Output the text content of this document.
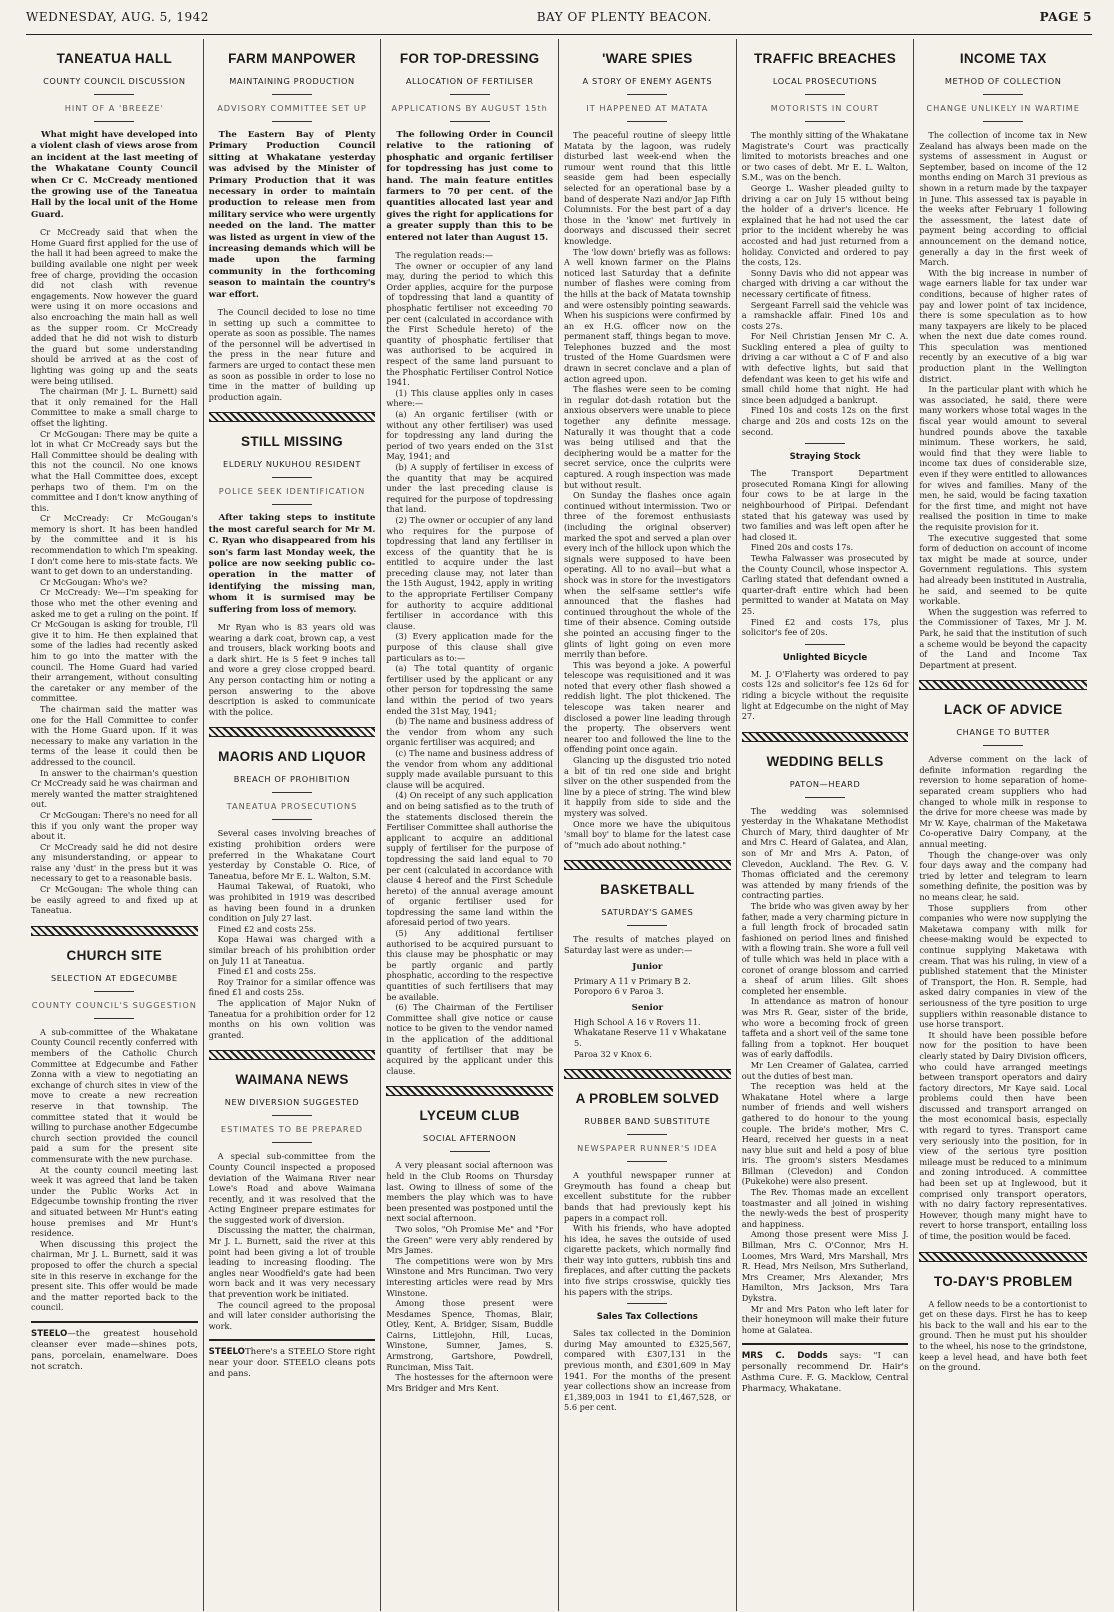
WEDNESDAY, AUG. 5, 1942	BAY OF PLENTY BEACON.	PAGE 5
TANEATUA HALL
COUNTY COUNCIL DISCUSSION
HINT OF A 'BREEZE'

What might have developed into a violent clash of views arose from an incident at the last meeting of the Whakatane County Council when Cr C. McCready mentioned the growing use of the Taneatua Hall by the local unit of the Home Guard.

Cr McCready said that when the Home Guard first applied for the use of the hall it had been agreed to make the building available one night per week free of charge, providing the occasion did not clash with revenue engagements. Now however the guard were using it on more occasions and also encroaching the main hall as well as the supper room. Cr McCready added that he did not wish to disturb the guard but some understanding should be arrived at as the cost of lighting was going up and the seats were being utilised.

The chairman (Mr J. L. Burnett) said that it only remained for the Hall Committee to make a small charge to offset the lighting.

Cr McGougan: There may be quite a lot in what Cr McCready says but the Hall Committee should be dealing with this not the council. No one knows what the Hall Committee does, except perhaps two of them. I'm on the committee and I don't know anything of this.

Cr McCready: Cr McGougan's memory is short. It has been handled by the committee and it is his recommendation to which I'm speaking. I don't come here to mis-state facts. We want to get down to an understanding.

Cr McGougan: Who's we?

Cr McCready: We—I'm speaking for those who met the other evening and asked me to get a ruling on the point. If Cr McGougan is asking for trouble, I'll give it to him. He then explained that some of the ladies had recently asked him to go into the matter with the council. The Home Guard had varied their arrangement, without consulting the caretaker or any member of the committee.

The chairman said the matter was one for the Hall Committee to confer with the Home Guard upon. If it was necessary to make any variation in the terms of the lease it could then be addressed to the council.

In answer to the chairman's question Cr McCready said he was chairman and merely wanted the matter straightened out.

Cr McGougan: There's no need for all this if you only want the proper way about it.

Cr McCready said he did not desire any misunderstanding, or appear to raise any 'dust' in the press but it was necessary to get to a reasonable basis.

Cr McGougan: The whole thing can be easily agreed to and fixed up at Taneatua.

CHURCH SITE
SELECTION AT EDGECUMBE
COUNTY COUNCIL'S SUGGESTION

A sub-committee of the Whakatane County Council recently conferred with members of the Catholic Church Committee at Edgecumbe and Father Zonna with a view to negotiating an exchange of church sites in view of the move to create a new recreation reserve in that township. The committee stated that it would be willing to purchase another Edgecumbe church section provided the council paid a sum for the present site commensurate with the new purchase.

At the county council meeting last week it was agreed that land be taken under the Public Works Act in Edgecumbe township fronting the river and situated between Mr Hunt's eating house premises and Mr Hunt's residence.

When discussing this project the chairman, Mr J. L. Burnett, said it was proposed to offer the church a special site in this reserve in exchange for the present site. This offer would be made and the matter reported back to the council.

STEELO—the greatest household cleanser ever made—shines pots, pans, porcelain, enamelware. Does not scratch.
FARM MANPOWER
MAINTAINING PRODUCTION
ADVISORY COMMITTEE SET UP

The Eastern Bay of Plenty Primary Production Council sitting at Whakatane yesterday was advised by the Minister of Primary Production that it was necessary in order to maintain production to release men from military service who were urgently needed on the land. The matter was listed as urgent in view of the increasing demands which will be made upon the farming community in the forthcoming season to maintain the country's war effort.

The Council decided to lose no time in setting up such a committee to operate as soon as possible. The names of the personnel will be advertised in the press in the near future and farmers are urged to contact these men as soon as possible in order to lose no time in the matter of building up production again.

STILL MISSING
ELDERLY NUKUHOU RESIDENT
POLICE SEEK IDENTIFICATION

After taking steps to institute the most careful search for Mr M. C. Ryan who disappeared from his son's farm last Monday week, the police are now seeking public co-operation in the matter of identifying the missing man, whom it is surmised may be suffering from loss of memory.

Mr Ryan who is 83 years old was wearing a dark coat, brown cap, a vest and trousers, black working boots and a dark shirt. He is 5 feet 9 inches tall and wore a grey close cropped beard. Any person contacting him or noting a person answering to the above description is asked to communicate with the police.

MAORIS AND LIQUOR
BREACH OF PROHIBITION
TANEATUA PROSECUTIONS

Several cases involving breaches of existing prohibition orders were preferred in the Whakatane Court yesterday by Constable O. Rice, of Taneatua, before Mr E. L. Walton, S.M.

Haumai Takewai, of Ruatoki, who was prohibited in 1919 was described as having been found in a drunken condition on July 27 last.

Fined £2 and costs 25s.

Kopa Hawai was charged with a similar breach of his prohibition order on July 11 at Taneatua.

Fined £1 and costs 25s.

Roy Trainor for a similar offence was fined £1 and costs 25s.

The application of Major Nukn of Taneatua for a prohibition order for 12 months on his own volition was granted.

WAIMANA NEWS
NEW DIVERSION SUGGESTED
ESTIMATES TO BE PREPARED

A special sub-committee from the County Council inspected a proposed deviation of the Waimana River near Lowe's Road and above Waimana recently, and it was resolved that the Acting Engineer prepare estimates for the suggested work of diversion.

Discussing the matter, the chairman, Mr J. L. Burnett, said the river at this point had been giving a lot of trouble leading to increasing flooding. The angles near Woodfield's gate had been worn back and it was very necessary that prevention work be initiated.

The council agreed to the proposal and will later consider authorising the work.

STEELOThere's a STEELO Store right near your door. STEELO cleans pots and pans.
FOR TOP-DRESSING
ALLOCATION OF FERTILISER
APPLICATIONS BY AUGUST 15th

The following Order in Council relative to the rationing of phosphatic and organic fertiliser for topdressing has just come to hand. The main feature entitles farmers to 70 per cent. of the quantities allocated last year and gives the right for applications for a greater supply than this to be entered not later than August 15.

The regulation reads:—

The owner or occupier of any land may, during the period to which this Order applies, acquire for the purpose of topdressing that land a quantity of phosphatic fertiliser not exceeding 70 per cent (calculated in accordance with the First Schedule hereto) of the quantity of phosphatic fertiliser that was authorised to be acquired in respect of the same land pursuant to the Phosphatic Fertiliser Control Notice 1941.

(1) This clause applies only in cases where:—

(a) An organic fertiliser (with or without any other fertiliser) was used for topdressing any land during the period of two years ended on the 31st May, 1941; and

(b) A supply of fertiliser in excess of the quantity that may be acquired under the last preceding clause is required for the purpose of topdressing that land.

(2) The owner or occupier of any land who requires for the purpose of topdressing that land any fertiliser in excess of the quantity that he is entitled to acquire under the last preceding clause may, not later than the 15th August, 1942, apply in writing to the appropriate Fertiliser Company for authority to acquire additional fertiliser in accordance with this clause.

(3) Every application made for the purpose of this clause shall give particulars as to:—

(a) The total quantity of organic fertiliser used by the applicant or any other person for topdressing the same land within the period of two years ended the 31st May, 1941;

(b) The name and business address of the vendor from whom any such organic fertiliser was acquired; and

(c) The name and business address of the vendor from whom any additional supply made available pursuant to this clause will be acquired.

(4) On receipt of any such application and on being satisfied as to the truth of the statements disclosed therein the Fertiliser Committee shall authorise the applicant to acquire an additional supply of fertiliser for the purpose of topdressing the said land equal to 70 per cent (calculated in accordance with clause 4 hereof and the First Schedule hereto) of the annual average amount of organic fertiliser used for topdressing the same land within the aforesaid period of two years.

(5) Any additional fertiliser authorised to be acquired pursuant to this clause may be phosphatic or may be partly organic and partly phosphatic, according to the respective quantities of such fertilisers that may be available.

(6) The Chairman of the Fertiliser Committee shall give notice or cause notice to be given to the vendor named in the application of the additional quantity of fertiliser that may be acquired by the applicant under this clause.

LYCEUM CLUB
SOCIAL AFTERNOON

A very pleasant social afternoon was held in the Club Rooms on Thursday last. Owing to illness of some of the members the play which was to have been presented was postponed until the next social afternoon.

Two solos, "Oh Promise Me" and "For the Green" were very ably rendered by Mrs James.

The competitions were won by Mrs Winstone and Mrs Runciman. Two very interesting articles were read by Mrs Winstone.

Among those present were Mesdames Spence, Thomas, Blair, Otley, Kent, A. Bridger, Sisam, Buddle Cairns, Littlejohn, Hill, Lucas, Winstone, Sumner, James, S. Armstrong, Gartshore, Powdrell, Runciman, Miss Tait.

The hostesses for the afternoon were Mrs Bridger and Mrs Kent.

'WARE SPIES
A STORY OF ENEMY AGENTS
IT HAPPENED AT MATATA

The peaceful routine of sleepy little Matata by the lagoon, was rudely disturbed last week-end when the rumour went round that this little seaside gem had been especially selected for an operational base by a band of desperate Nazi and/or Jap Fifth Columnists. For the best part of a day those in the 'know' met furtively in doorways and discussed their secret knowledge.

The 'low down' briefly was as follows: A well known farmer on the Plains noticed last Saturday that a definite number of flashes were coming from the hills at the back of Matata township and were ostensibly pointing seawards. When his suspicions were confirmed by an ex H.G. officer now on the permanent staff, things began to move. Telephones buzzed and the most trusted of the Home Guardsmen were drawn in secret conclave and a plan of action agreed upon.

The flashes were seen to be coming in regular dot-dash rotation but the anxious observers were unable to piece together any definite message. Naturally it was thought that a code was being utilised and that the deciphering would be a matter for the secret service, once the culprits were captured. A rough inspection was made but without result.

On Sunday the flashes once again continued without intermission. Two or three of the foremost enthusiasts (including the original observer) marked the spot and served a plan over every inch of the hillock upon which the signals were supposed to have been operating. All to no avail—but what a shock was in store for the investigators when the self-same settler's wife announced that the flashes had continued throughout the whole of the time of their absence. Coming outside she pointed an accusing finger to the glints of light going on even more merrily than before.

This was beyond a joke. A powerful telescope was requisitioned and it was noted that every other flash showed a reddish light. The plot thickened. The telescope was taken nearer and disclosed a power line leading through the property. The observers went nearer too and followed the line to the offending point once again.

Glancing up the disgusted trio noted a bit of tin red one side and bright silver on the other suspended from the line by a piece of string. The wind blew it happily from side to side and the mystery was solved.

Once more we have the ubiquitous 'small boy' to blame for the latest case of "much ado about nothing."

BASKETBALL
SATURDAY'S GAMES

The results of matches played on Saturday last were as under:—

Junior

Primary A 11 v Primary B 2.

Poroporo 6 v Paroa 3.

Senior

High School A 16 v Rovers 11.

Whakatane Reserve 11 v Whakatane 5.

Paroa 32 v Knox 6.

A PROBLEM SOLVED
RUBBER BAND SUBSTITUTE
NEWSPAPER RUNNER'S IDEA

A youthful newspaper runner at Greymouth has found a cheap but excellent substitute for the rubber bands that had previously kept his papers in a compact roll.

With his friends, who have adopted his idea, he saves the outside of used cigarette packets, which normally find their way into gutters, rubbish tins and fireplaces, and after cutting the packets into five strips crosswise, quickly ties his papers with the strips.

Sales Tax Collections

Sales tax collected in the Dominion during May amounted to £325,567, compared with £307,131 in the previous month, and £301,609 in May 1941. For the months of the present year collections show an increase from £1,389,003 in 1941 to £1,467,528, or 5.6 per cent.

TRAFFIC BREACHES
LOCAL PROSECUTIONS
MOTORISTS IN COURT

The monthly sitting of the Whakatane Magistrate's Court was practically limited to motorists breaches and one or two cases of debt. Mr E. L. Walton, S.M., was on the bench.

George L. Washer pleaded guilty to driving a car on July 15 without being the holder of a driver's licence. He explained that he had not used the car prior to the incident whereby he was accosted and had just returned from a holiday. Convicted and ordered to pay the costs, 12s.

Sonny Davis who did not appear was charged with driving a car without the necessary certificate of fitness.

Sergeant Farrell said the vehicle was a ramshackle affair. Fined 10s and costs 27s.

For Neil Christian Jensen Mr C. A. Suckling entered a plea of guilty to driving a car without a C of F and also with defective lights, but said that defendant was keen to get his wife and small child home that night. He had since been adjudged a bankrupt.

Fined 10s and costs 12s on the first charge and 20s and costs 12s on the second.

Straying Stock

The Transport Department prosecuted Romana Kingi for allowing four cows to be at large in the neighbourhood of Piripai. Defendant stated that his gateway was used by two families and was left open after he had closed it.

Fined 20s and costs 17s.

Tewha Falwasser was prosecuted by the County Council, whose inspector A. Carling stated that defendant owned a quarter-draft entire which had been permitted to wander at Matata on May 25.

Fined £2 and costs 17s, plus solicitor's fee of 20s.

Unlighted Bicycle

M. J. O'Flaherty was ordered to pay costs 12s and solicitor's fee 12s 6d for riding a bicycle without the requisite light at Edgecumbe on the night of May 27.

WEDDING BELLS
PATON—HEARD

The wedding was solemnised yesterday in the Whakatane Methodist Church of Mary, third daughter of Mr and Mrs C. Heard of Galatea, and Alan, son of Mr and Mrs A. Paton, of Clevedon, Auckland. The Rev. G. V. Thomas officiated and the ceremony was attended by many friends of the contracting parties.

The bride who was given away by her father, made a very charming picture in a full length frock of brocaded satin fashioned on period lines and finished with a flowing train. She wore a full veil of tulle which was held in place with a coronet of orange blossom and carried a sheaf of arum lilies. Gilt shoes completed her ensemble.

In attendance as matron of honour was Mrs R. Gear, sister of the bride, who wore a becoming frock of green taffeta and a short veil of the same tone falling from a topknot. Her bouquet was of early daffodils.

Mr Len Creamer of Galatea, carried out the duties of best man.

The reception was held at the Whakatane Hotel where a large number of friends and well wishers gathered to do honour to the young couple. The bride's mother, Mrs C. Heard, received her guests in a neat navy blue suit and held a posy of blue iris. The groom's sisters Mesdames Billman (Clevedon) and Condon (Pukekohe) were also present.

The Rev. Thomas made an excellent toastmaster and all joined in wishing the newly-weds the best of prosperity and happiness.

Among those present were Miss J. Billman, Mrs C. O'Connor, Mrs H. Loomes, Mrs Ward, Mrs Marshall, Mrs R. Head, Mrs Neilson, Mrs Sutherland, Mrs Creamer, Mrs Alexander, Mrs Hamilton, Mrs Jackson, Mrs Tara Dykstra.

Mr and Mrs Paton who left later for their honeymoon will make their future home at Galatea.

MRS C. Dodds says: "I can personally recommend Dr. Hair's Asthma Cure. F. G. Macklow, Central Pharmacy, Whakatane.
INCOME TAX
METHOD OF COLLECTION
CHANGE UNLIKELY IN WARTIME

The collection of income tax in New Zealand has always been made on the systems of assessment in August or September, based on income of the 12 months ending on March 31 previous as shown in a return made by the taxpayer in June. This assessed tax is payable in the weeks after February 1 following the assessment, the latest date of payment being according to official announcement on the demand notice, generally a day in the first week of March.

With the big increase in number of wage earners liable for tax under war conditions, because of higher rates of pay and lower point of tax incidence, there is some speculation as to how many taxpayers are likely to be placed when the next due date comes round. This speculation was mentioned recently by an executive of a big war production plant in the Wellington district.

In the particular plant with which he was associated, he said, there were many workers whose total wages in the fiscal year would amount to several hundred pounds above the taxable minimum. These workers, he said, would find that they were liable to income tax dues of considerable size, even if they were entitled to allowances for wives and families. Many of the men, he said, would be facing taxation for the first time, and might not have realised the position in time to make the requisite provision for it.

The executive suggested that some form of deduction on account of income tax might be made at source, under Government regulations. This system had already been instituted in Australia, he said, and seemed to be quite workable.

When the suggestion was referred to the Commissioner of Taxes, Mr J. M. Park, he said that the institution of such a scheme would be beyond the capacity of the Land and Income Tax Department at present.

LACK OF ADVICE
CHANGE TO BUTTER

Adverse comment on the lack of definite information regarding the reversion to home separation of home-separated cream suppliers who had changed to whole milk in response to the drive for more cheese was made by Mr W. Kaye, chairman of the Maketawa Co-operative Dairy Company, at the annual meeting.

Though the change-over was only four days away and the company had tried by letter and telegram to learn something definite, the position was by no means clear, he said.

Those suppliers from other companies who were now supplying the Maketawa company with milk for cheese-making would be expected to continue supplying Maketawa with cream. That was his ruling, in view of a published statement that the Minister of Transport, the Hon. R. Semple, had asked dairy companies in view of the seriousness of the tyre position to urge suppliers within reasonable distance to use horse transport.

It should have been possible before now for the position to have been clearly stated by Dairy Division officers, who could have arranged meetings between transport operators and dairy factory directors, Mr Kaye said. Local problems could then have been discussed and transport arranged on the most economical basis, especially with regard to tyres. Transport came very seriously into the position, for in view of the serious tyre position mileage must be reduced to a minimum and zoning introduced. A committee had been set up at Inglewood, but it comprised only transport operators, with no dairy factory representatives. However, though many might have to revert to horse transport, entailing loss of time, the position would be faced.

TO-DAY'S PROBLEM

A fellow needs to be a contortionist to get on these days. First he has to keep his back to the wall and his ear to the ground. Then he must put his shoulder to the wheel, his nose to the grindstone, keep a level head, and have both feet on the ground.
